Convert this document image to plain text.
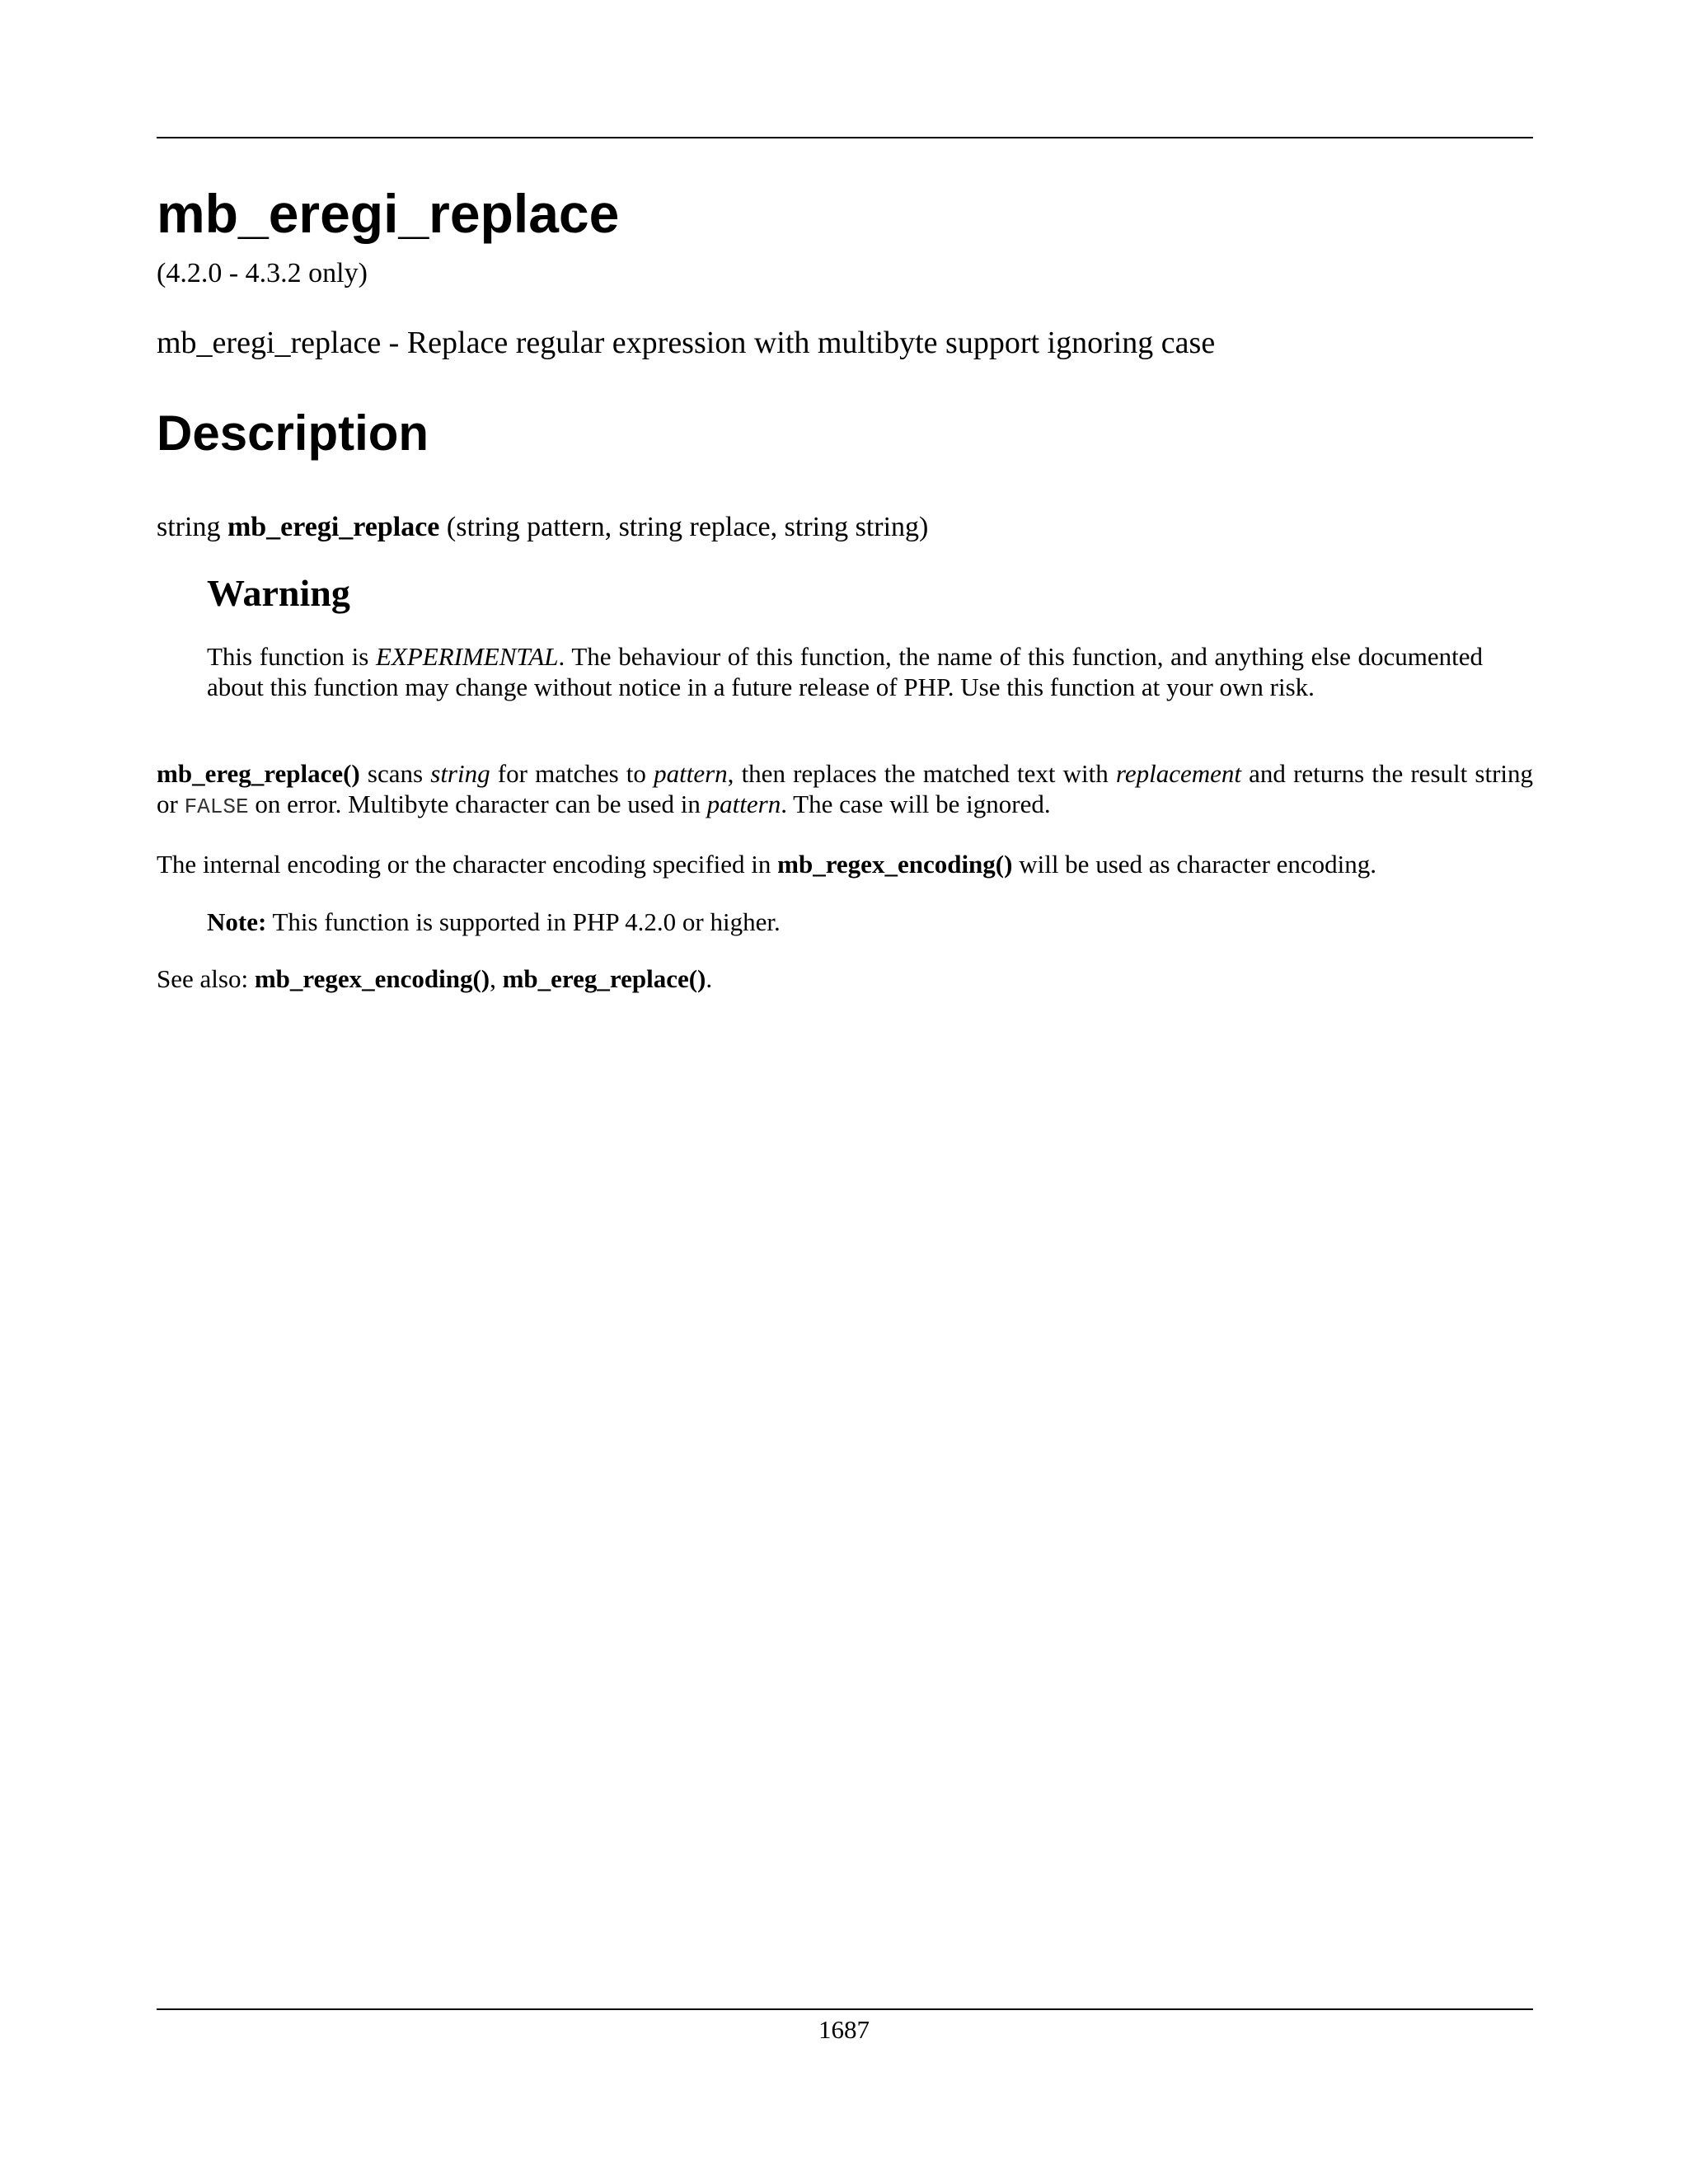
mb_eregi_replace
(4.2.0 - 4.3.2 only)
mb_eregi_replace - Replace regular expression with multibyte support ignoring case
Description
string mb_eregi_replace (string pattern, string replace, string string)
Warning
This function is EXPERIMENTAL. The behaviour of this function, the name of this function, and anything else documented about this function may change without notice in a future release of PHP. Use this function at your own risk.
mb_ereg_replace() scans string for matches to pattern, then replaces the matched text with replacement and returns the result string or FALSE on error. Multibyte character can be used in pattern. The case will be ignored.
The internal encoding or the character encoding specified in mb_regex_encoding() will be used as character encoding.
Note: This function is supported in PHP 4.2.0 or higher.
See also: mb_regex_encoding(), mb_ereg_replace().
1687
